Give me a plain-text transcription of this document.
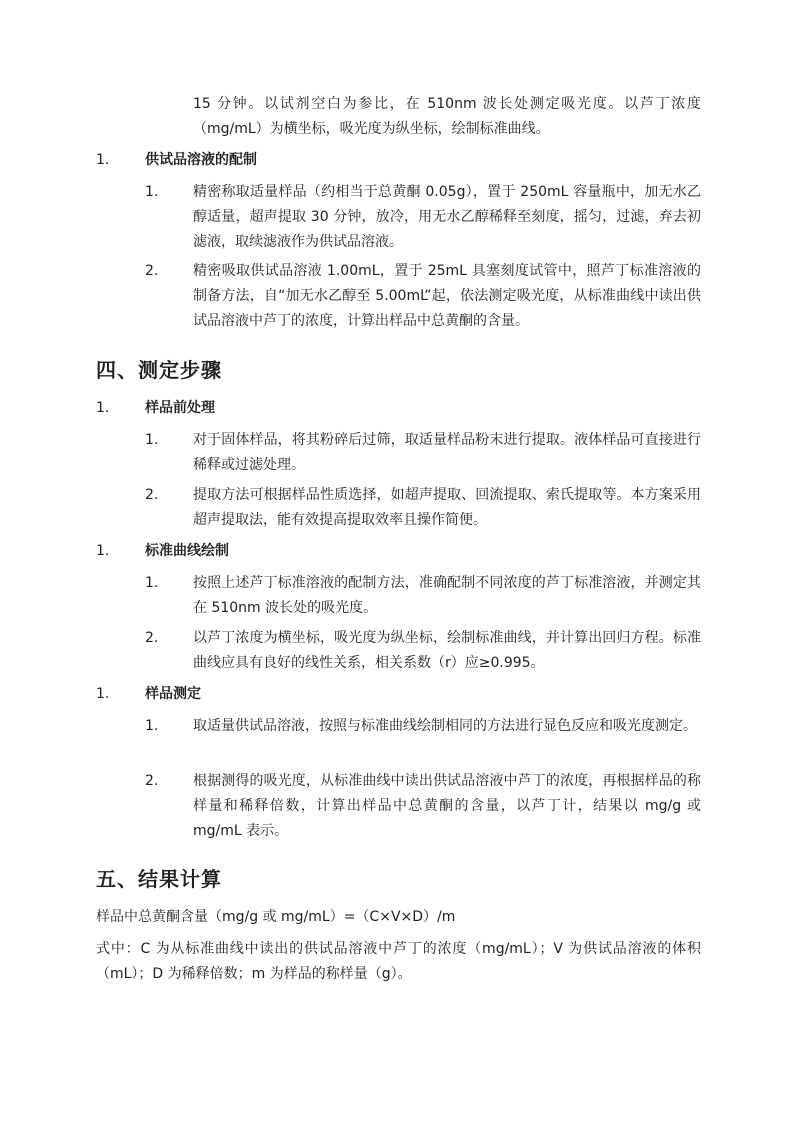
15 分钟。以试剂空白为参比，在 510nm 波长处测定吸光度。以芦丁浓度（mg/mL）为横坐标，吸光度为纵坐标，绘制标准曲线。
1.	供试品溶液的配制
1. 精密称取适量样品（约相当于总黄酮 0.05g），置于 250mL 容量瓶中，加无水乙醇适量，超声提取 30 分钟，放冷，用无水乙醇稀释至刻度，摇匀，过滤，弃去初滤液，取续滤液作为供试品溶液。
2. 精密吸取供试品溶液 1.00mL，置于 25mL 具塞刻度试管中，照芦丁标准溶液的制备方法，自“加无水乙醇至 5.00mL”起，依法测定吸光度，从标准曲线中读出供试品溶液中芦丁的浓度，计算出样品中总黄酮的含量。
四、测定步骤
1.	样品前处理
1. 对于固体样品，将其粉碎后过筛，取适量样品粉末进行提取。液体样品可直接进行稀释或过滤处理。
2. 提取方法可根据样品性质选择，如超声提取、回流提取、索氏提取等。本方案采用超声提取法，能有效提高提取效率且操作简便。
1.	标准曲线绘制
1. 按照上述芦丁标准溶液的配制方法，准确配制不同浓度的芦丁标准溶液，并测定其在 510nm 波长处的吸光度。
2. 以芦丁浓度为横坐标，吸光度为纵坐标，绘制标准曲线，并计算出回归方程。标准曲线应具有良好的线性关系，相关系数（r）应≥0.995。
1.	样品测定
1. 取适量供试品溶液，按照与标准曲线绘制相同的方法进行显色反应和吸光度测定。
2. 根据测得的吸光度，从标准曲线中读出供试品溶液中芦丁的浓度，再根据样品的称样量和稀释倍数，计算出样品中总黄酮的含量，以芦丁计，结果以 mg/g 或 mg/mL 表示。
五、结果计算
样品中总黄酮含量（mg/g 或 mg/mL）=（C×V×D）/m
式中：C 为从标准曲线中读出的供试品溶液中芦丁的浓度（mg/mL）；V 为供试品溶液的体积（mL）；D 为稀释倍数；m 为样品的称样量（g）。
